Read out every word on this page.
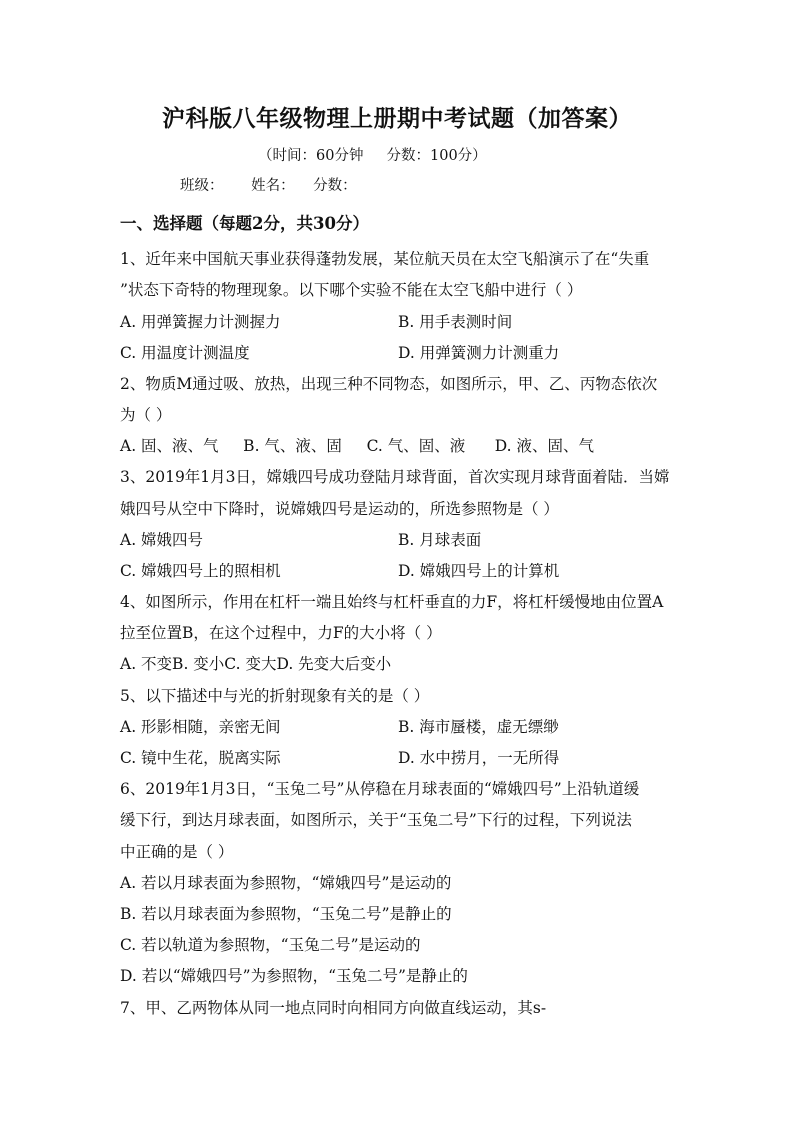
沪科版八年级物理上册期中考试题（加答案）
（时间：60分钟     分数：100分）
班级：      姓名：    分数：
一、选择题（每题2分，共30分）
1、近年来中国航天事业获得蓬勃发展，某位航天员在太空飞船演示了在“失重
”状态下奇特的物理现象。以下哪个实验不能在太空飞船中进行（ ）
A. 用弹簧握力计测握力	B. 用手表测时间
C. 用温度计测温度	D. 用弹簧测力计测重力
2、物质M通过吸、放热，出现三种不同物态，如图所示，甲、乙、丙物态依次
为（ ）
A. 固、液、气     B. 气、液、固     C. 气、固、液      D. 液、固、气
3、2019年1月3日，嫦娥四号成功登陆月球背面，首次实现月球背面着陆．当嫦
娥四号从空中下降时，说嫦娥四号是运动的，所选参照物是（ ）
A. 嫦娥四号	B. 月球表面
C. 嫦娥四号上的照相机	D. 嫦娥四号上的计算机
4、如图所示，作用在杠杆一端且始终与杠杆垂直的力F，将杠杆缓慢地由位置A
拉至位置B，在这个过程中，力F的大小将（ ）
A. 不变B. 变小C. 变大D. 先变大后变小
5、以下描述中与光的折射现象有关的是（ ）
A. 形影相随，亲密无间	B. 海市蜃楼，虚无缥缈
C. 镜中生花，脱离实际	D. 水中捞月，一无所得
6、2019年1月3日，“玉兔二号”从停稳在月球表面的“嫦娥四号”上沿轨道缓
缓下行，到达月球表面，如图所示，关于“玉兔二号”下行的过程，下列说法
中正确的是（ ）
A. 若以月球表面为参照物，“嫦娥四号”是运动的
B. 若以月球表面为参照物，“玉兔二号”是静止的
C. 若以轨道为参照物，“玉兔二号”是运动的
D. 若以“嫦娥四号”为参照物，“玉兔二号”是静止的
7、甲、乙两物体从同一地点同时向相同方向做直线运动，其s-
